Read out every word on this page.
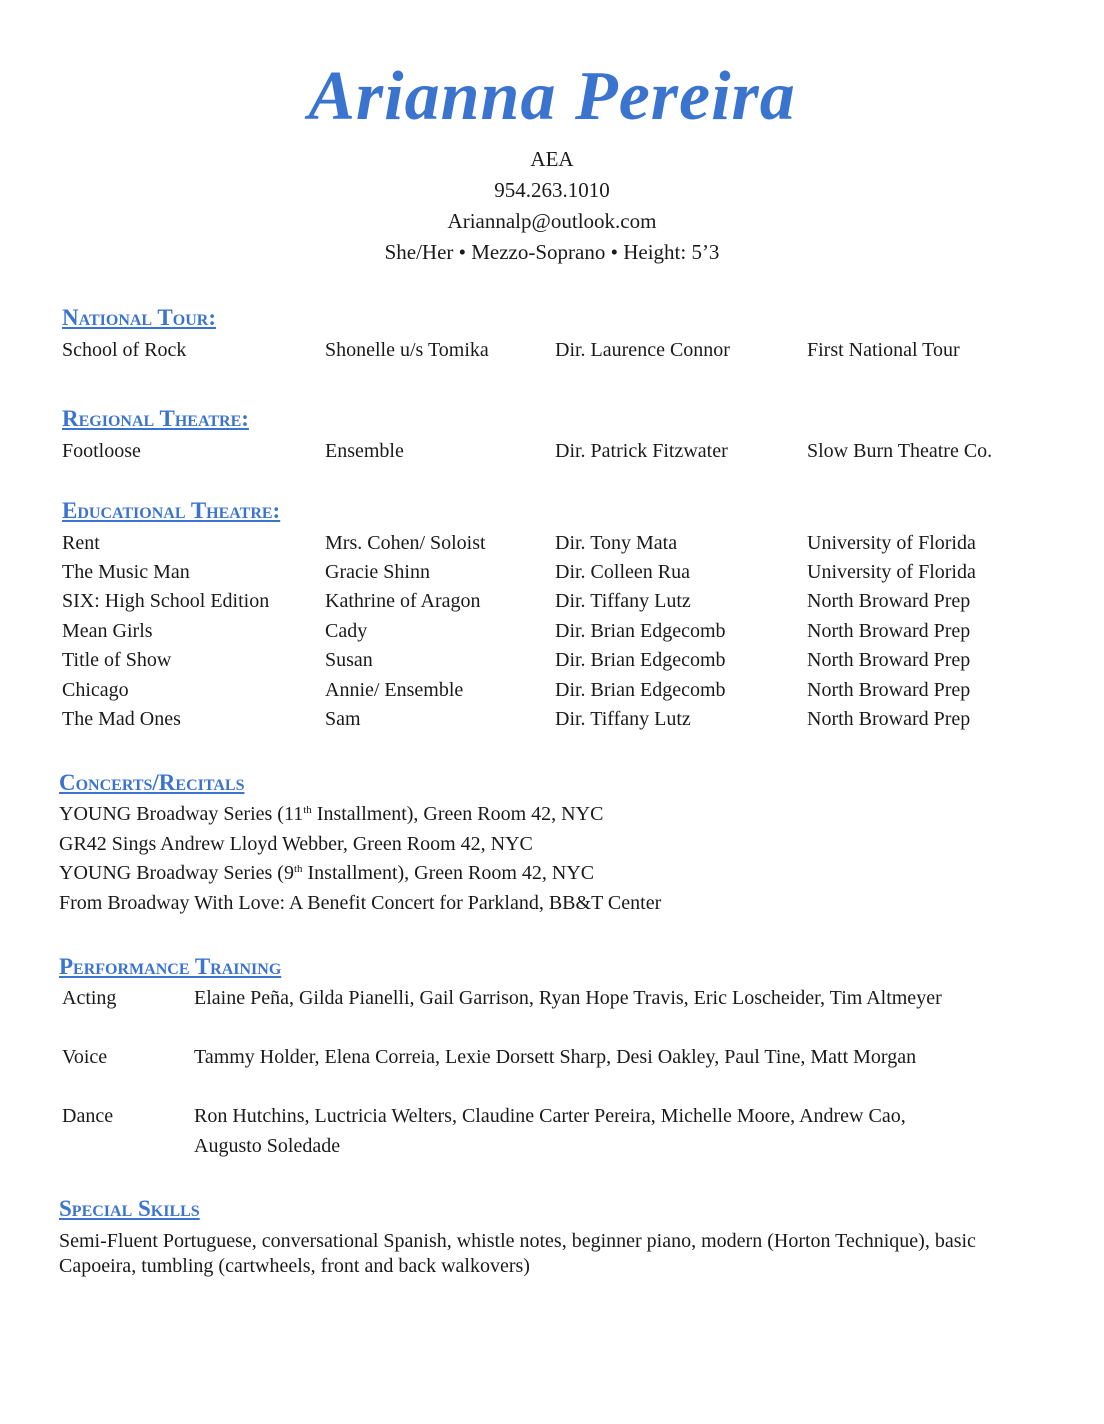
Arianna Pereira
AEA
954.263.1010
Ariannalp@outlook.com
She/Her • Mezzo-Soprano • Height: 5’3
National Tour:
School of Rock	Shonelle u/s Tomika	Dir. Laurence Connor	First National Tour
Regional Theatre:
Footloose	Ensemble	Dir. Patrick Fitzwater	Slow Burn Theatre Co.
Educational Theatre:
Rent	Mrs. Cohen/ Soloist	Dir. Tony Mata	University of Florida
The Music Man	Gracie Shinn	Dir. Colleen Rua	University of Florida
SIX: High School Edition	Kathrine of Aragon	Dir. Tiffany Lutz	North Broward Prep
Mean Girls	Cady	Dir. Brian Edgecomb	North Broward Prep
Title of Show	Susan	Dir. Brian Edgecomb	North Broward Prep
Chicago	Annie/ Ensemble	Dir. Brian Edgecomb	North Broward Prep
The Mad Ones	Sam	Dir. Tiffany Lutz	North Broward Prep
Concerts/Recitals
YOUNG Broadway Series (11th Installment), Green Room 42, NYC
GR42 Sings Andrew Lloyd Webber, Green Room 42, NYC
YOUNG Broadway Series (9th Installment), Green Room 42, NYC
From Broadway With Love: A Benefit Concert for Parkland, BB&T Center
Performance Training
Acting	Elaine Peña, Gilda Pianelli, Gail Garrison, Ryan Hope Travis, Eric Loscheider, Tim Altmeyer
Voice	Tammy Holder, Elena Correia, Lexie Dorsett Sharp, Desi Oakley, Paul Tine, Matt Morgan
Dance	Ron Hutchins, Luctricia Welters, Claudine Carter Pereira, Michelle Moore, Andrew Cao, Augusto Soledade
Special Skills
Semi-Fluent Portuguese, conversational Spanish, whistle notes, beginner piano, modern (Horton Technique), basic Capoeira, tumbling (cartwheels, front and back walkovers)
